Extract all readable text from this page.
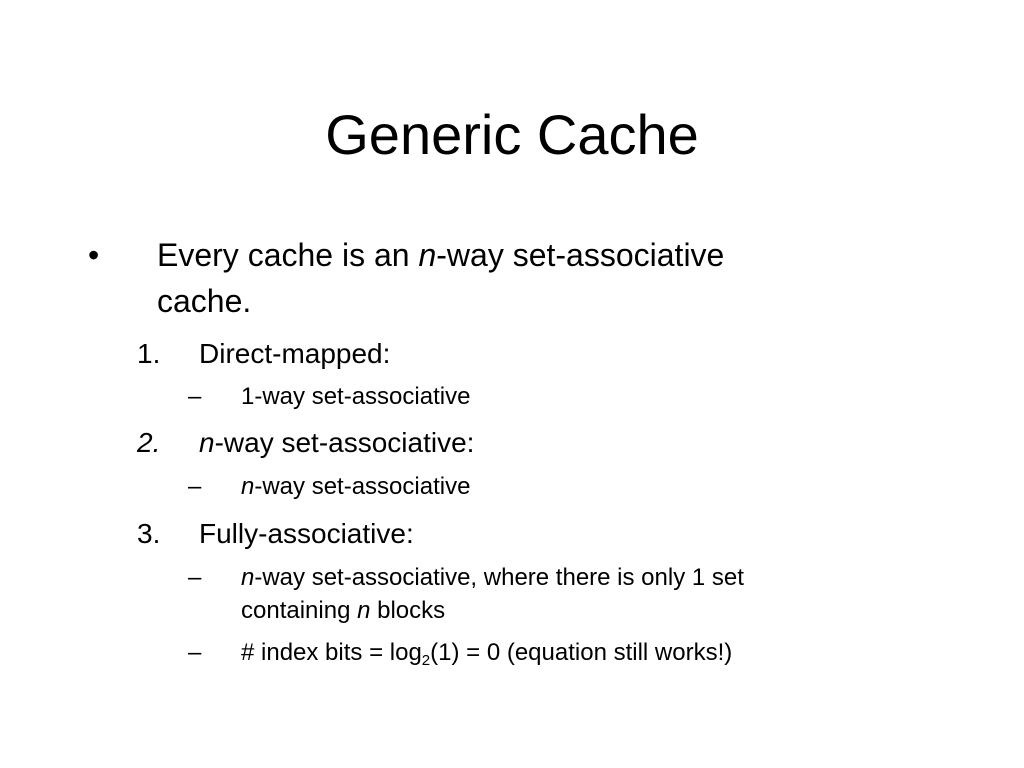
Generic Cache
• Every cache is an n-way set-associative
cache.
1. Direct-mapped:
– 1-way set-associative
2. n-way set-associative:
– n-way set-associative
3. Fully-associative:
– n-way set-associative, where there is only 1 set
containing n blocks
– # index bits = $\log_2(1) = 0$ (equation still works!)
